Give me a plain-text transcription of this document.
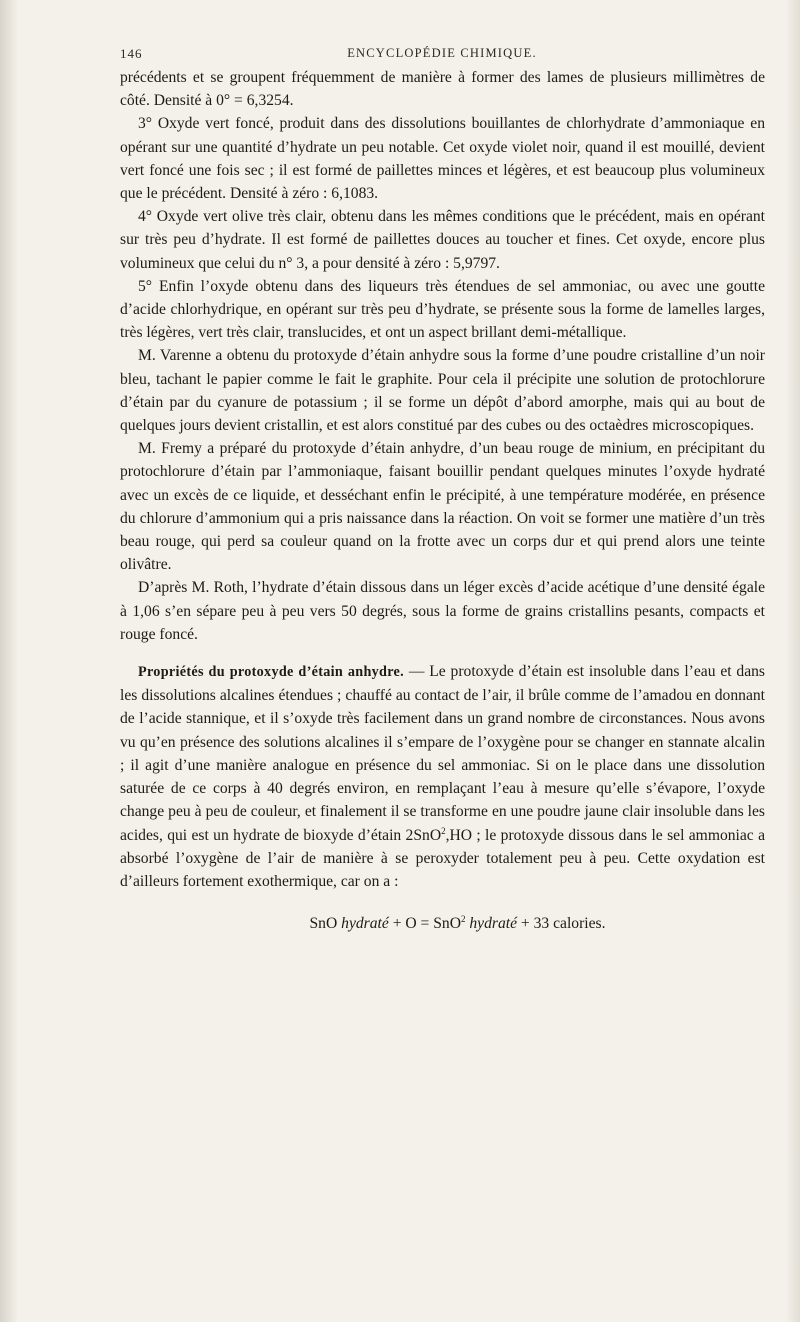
146	ENCYCLOPÉDIE CHIMIQUE.

précédents et se groupent fréquemment de manière à former des lames de plusieurs millimètres de côté. Densité à 0° = 6,3254.

3° Oxyde vert foncé, produit dans des dissolutions bouillantes de chlorhydrate d’ammoniaque en opérant sur une quantité d’hydrate un peu notable. Cet oxyde violet noir, quand il est mouillé, devient vert foncé une fois sec ; il est formé de paillettes minces et légères, et est beaucoup plus volumineux que le précédent. Densité à zéro : 6,1083.

4° Oxyde vert olive très clair, obtenu dans les mêmes conditions que le précédent, mais en opérant sur très peu d’hydrate. Il est formé de paillettes douces au toucher et fines. Cet oxyde, encore plus volumineux que celui du n° 3, a pour densité à zéro : 5,9797.

5° Enfin l’oxyde obtenu dans des liqueurs très étendues de sel ammoniac, ou avec une goutte d’acide chlorhydrique, en opérant sur très peu d’hydrate, se présente sous la forme de lamelles larges, très légères, vert très clair, translucides, et ont un aspect brillant demi-métallique.

M. Varenne a obtenu du protoxyde d’étain anhydre sous la forme d’une poudre cristalline d’un noir bleu, tachant le papier comme le fait le graphite. Pour cela il précipite une solution de protochlorure d’étain par du cyanure de potassium ; il se forme un dépôt d’abord amorphe, mais qui au bout de quelques jours devient cristallin, et est alors constitué par des cubes ou des octaèdres microscopiques.

M. Fremy a préparé du protoxyde d’étain anhydre, d’un beau rouge de minium, en précipitant du protochlorure d’étain par l’ammoniaque, faisant bouillir pendant quelques minutes l’oxyde hydraté avec un excès de ce liquide, et desséchant enfin le précipité, à une température modérée, en présence du chlorure d’ammonium qui a pris naissance dans la réaction. On voit se former une matière d’un très beau rouge, qui perd sa couleur quand on la frotte avec un corps dur et qui prend alors une teinte olivâtre.

D’après M. Roth, l’hydrate d’étain dissous dans un léger excès d’acide acétique d’une densité égale à 1,06 s’en sépare peu à peu vers 50 degrés, sous la forme de grains cristallins pesants, compacts et rouge foncé.

Propriétés du protoxyde d’étain anhydre. — Le protoxyde d’étain est insoluble dans l’eau et dans les dissolutions alcalines étendues ; chauffé au contact de l’air, il brûle comme de l’amadou en donnant de l’acide stannique, et il s’oxyde très facilement dans un grand nombre de circonstances. Nous avons vu qu’en présence des solutions alcalines il s’empare de l’oxygène pour se changer en stannate alcalin ; il agit d’une manière analogue en présence du sel ammoniac. Si on le place dans une dissolution saturée de ce corps à 40 degrés environ, en remplaçant l’eau à mesure qu’elle s’évapore, l’oxyde change peu à peu de couleur, et finalement il se transforme en une poudre jaune clair insoluble dans les acides, qui est un hydrate de bioxyde d’étain 2SnO$^2$,HO ; le protoxyde dissous dans le sel ammoniac a absorbé l’oxygène de l’air de manière à se peroxyder totalement peu à peu. Cette oxydation est d’ailleurs fortement exothermique, car on a :

SnO hydraté + O = SnO$^2$ hydraté + 33 calories.
